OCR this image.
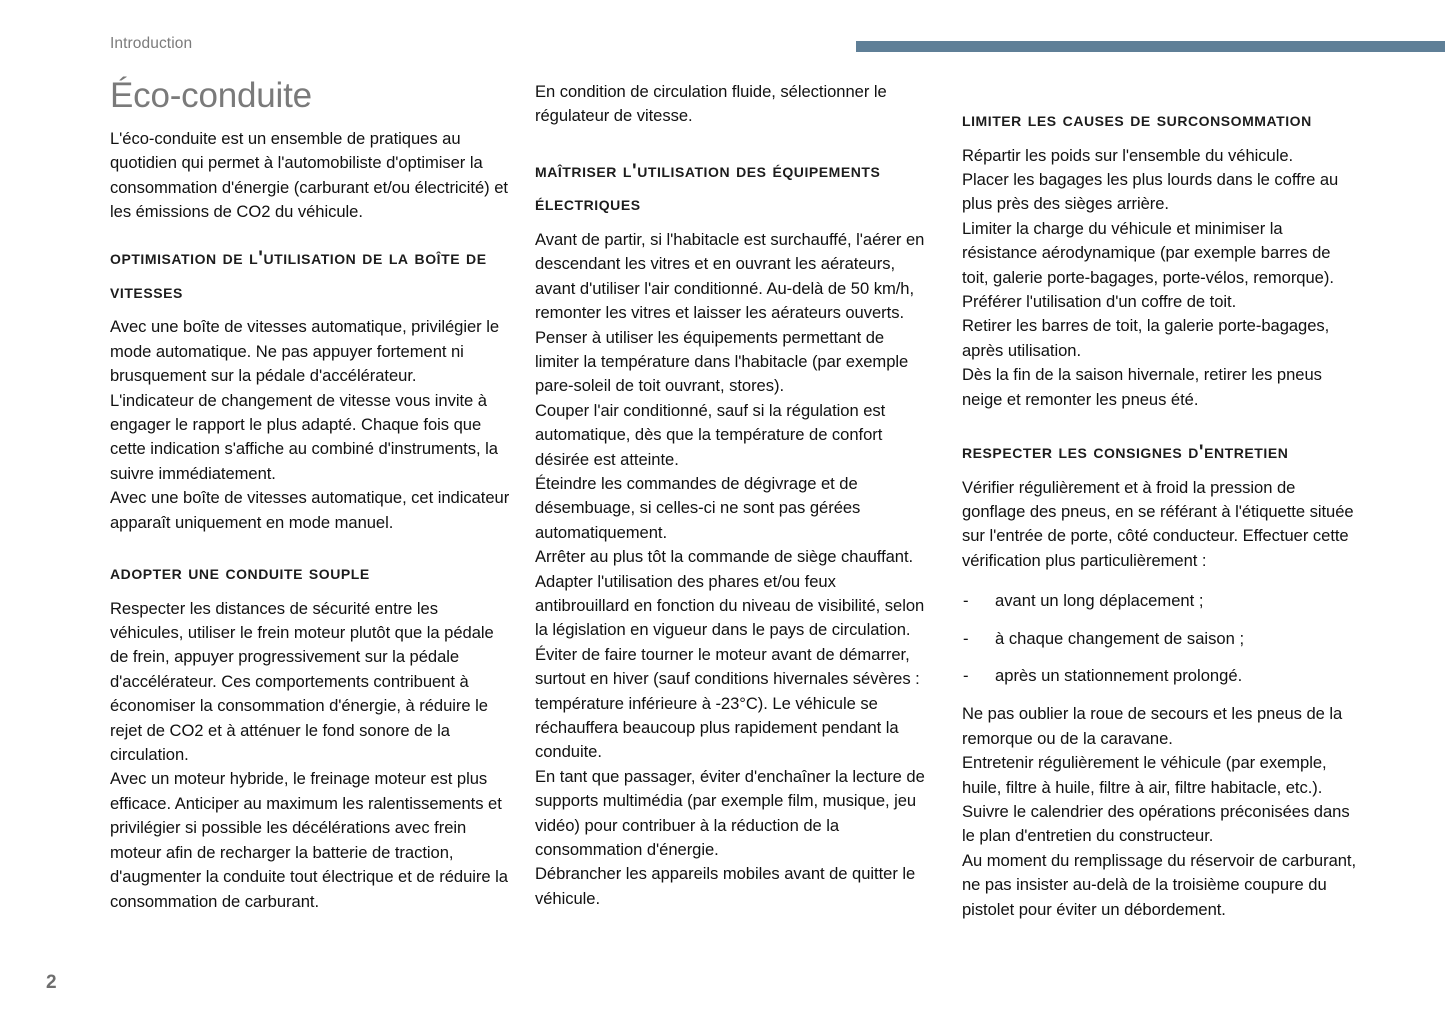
Introduction
Éco-conduite

L'éco-conduite est un ensemble de pratiques au quotidien qui permet à l'automobiliste d'optimiser la consommation d'énergie (carburant et/ou électricité) et les émissions de CO2 du véhicule.

optimisation de l'utilisation de la boîte de vitesses

Avec une boîte de vitesses automatique, privilégier le mode automatique. Ne pas appuyer fortement ni brusquement sur la pédale d'accélérateur.

L'indicateur de changement de vitesse vous invite à engager le rapport le plus adapté. Chaque fois que cette indication s'affiche au combiné d'instruments, la suivre immédiatement.

Avec une boîte de vitesses automatique, cet indicateur apparaît uniquement en mode manuel.

adopter une conduite souple

Respecter les distances de sécurité entre les véhicules, utiliser le frein moteur plutôt que la pédale de frein, appuyer progressivement sur la pédale d'accélérateur. Ces comportements contribuent à économiser la consommation d'énergie, à réduire le rejet de CO2 et à atténuer le fond sonore de la circulation.

Avec un moteur hybride, le freinage moteur est plus efficace. Anticiper au maximum les ralentissements et privilégier si possible les décélérations avec frein moteur afin de recharger la batterie de traction, d'augmenter la conduite tout électrique et de réduire la consommation de carburant.

En condition de circulation fluide, sélectionner le régulateur de vitesse.

maîtriser l'utilisation des équipements électriques

Avant de partir, si l'habitacle est surchauffé, l'aérer en descendant les vitres et en ouvrant les aérateurs, avant d'utiliser l'air conditionné. Au-delà de 50 km/h, remonter les vitres et laisser les aérateurs ouverts.

Penser à utiliser les équipements permettant de limiter la température dans l'habitacle (par exemple pare-soleil de toit ouvrant, stores).

Couper l'air conditionné, sauf si la régulation est automatique, dès que la température de confort désirée est atteinte.

Éteindre les commandes de dégivrage et de désembuage, si celles-ci ne sont pas gérées automatiquement.

Arrêter au plus tôt la commande de siège chauffant.

Adapter l'utilisation des phares et/ou feux antibrouillard en fonction du niveau de visibilité, selon la législation en vigueur dans le pays de circulation.

Éviter de faire tourner le moteur avant de démarrer, surtout en hiver (sauf conditions hivernales sévères : température inférieure à -23°C). Le véhicule se réchauffera beaucoup plus rapidement pendant la conduite.

En tant que passager, éviter d'enchaîner la lecture de supports multimédia (par exemple film, musique, jeu vidéo) pour contribuer à la réduction de la consommation d'énergie.

Débrancher les appareils mobiles avant de quitter le véhicule.

limiter les causes de surconsommation

Répartir les poids sur l'ensemble du véhicule.

Placer les bagages les plus lourds dans le coffre au plus près des sièges arrière.

Limiter la charge du véhicule et minimiser la résistance aérodynamique (par exemple barres de toit, galerie porte-bagages, porte-vélos, remorque).

Préférer l'utilisation d'un coffre de toit.

Retirer les barres de toit, la galerie porte-bagages, après utilisation.

Dès la fin de la saison hivernale, retirer les pneus neige et remonter les pneus été.

respecter les consignes d'entretien

Vérifier régulièrement et à froid la pression de gonflage des pneus, en se référant à l'étiquette située sur l'entrée de porte, côté conducteur. Effectuer cette vérification plus particulièrement :

- avant un long déplacement ;
- à chaque changement de saison ;
- après un stationnement prolongé.

Ne pas oublier la roue de secours et les pneus de la remorque ou de la caravane.

Entretenir régulièrement le véhicule (par exemple, huile, filtre à huile, filtre à air, filtre habitacle, etc.). Suivre le calendrier des opérations préconisées dans le plan d'entretien du constructeur.

Au moment du remplissage du réservoir de carburant, ne pas insister au-delà de la troisième coupure du pistolet pour éviter un débordement.

2
